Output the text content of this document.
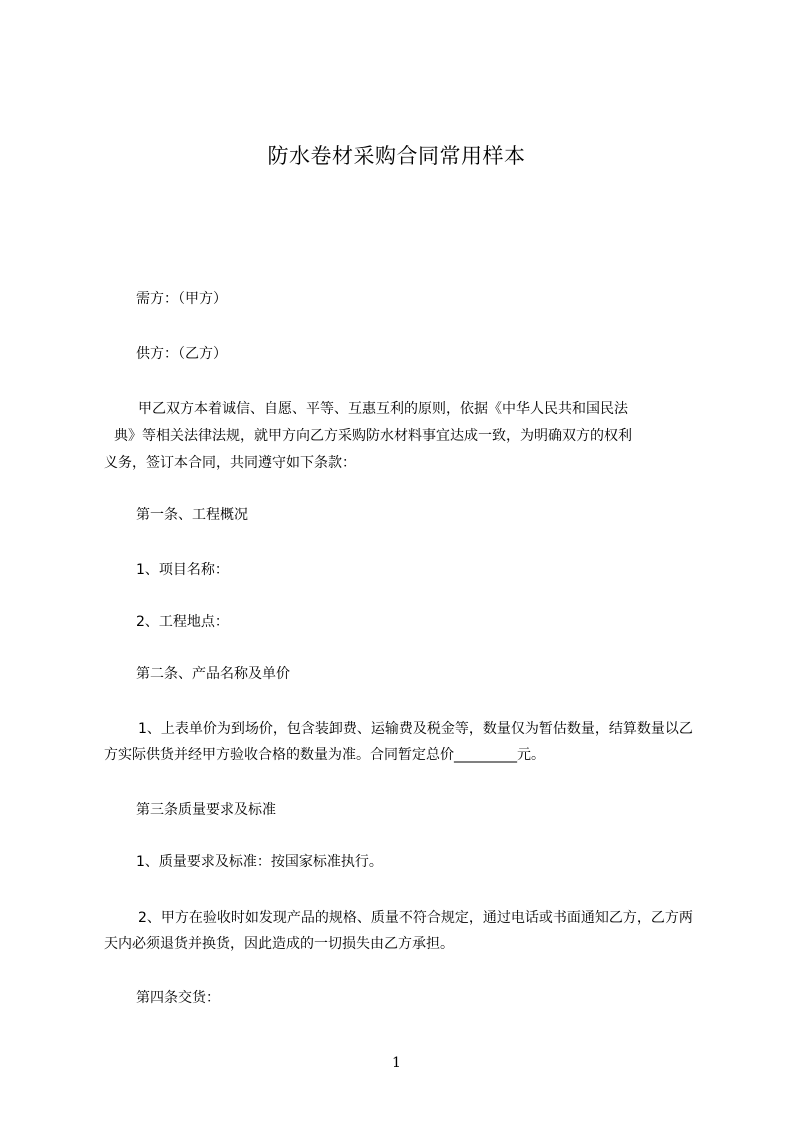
防水卷材采购合同常用样本

需方：（甲方）

供方：（乙方）

甲乙双方本着诚信、自愿、平等、互惠互利的原则，依据《中华人民共和国民法

典》等相关法律法规，就甲方向乙方采购防水材料事宜达成一致，为明确双方的权利

义务，签订本合同，共同遵守如下条款：

第一条、工程概况

1、项目名称：

2、工程地点：

第二条、产品名称及单价

1、上表单价为到场价，包含装卸费、运输费及税金等，数量仅为暂估数量，结算数量以乙方实际供货并经甲方验收合格的数量为准。合同暂定总价_________元。

第三条质量要求及标准

1、质量要求及标准：按国家标准执行。

2、甲方在验收时如发现产品的规格、质量不符合规定，通过电话或书面通知乙方，乙方两天内必须退货并换货，因此造成的一切损失由乙方承担。

第四条交货：

1
